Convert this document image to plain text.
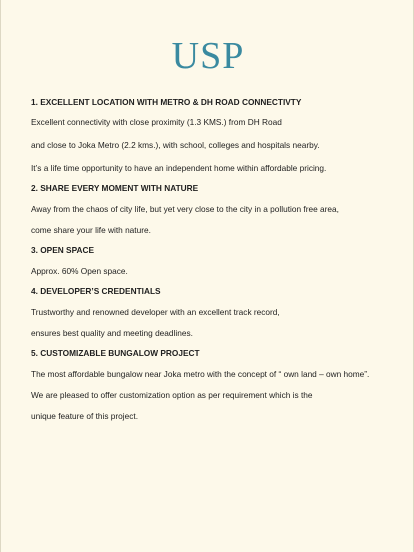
USP

1. EXCELLENT LOCATION WITH METRO & DH ROAD CONNECTIVTY

Excellent connectivity with close proximity (1.3 KMS.) from DH Road

and close to Joka Metro (2.2 kms.), with school, colleges and hospitals nearby.

It’s a life time opportunity to have an independent home within affordable pricing.

2. SHARE EVERY MOMENT WITH NATURE

Away from the chaos of city life, but yet very close to the city in a pollution free area,

come share your life with nature.

3. OPEN SPACE

Approx. 60% Open space.

4. DEVELOPER’S CREDENTIALS

Trustworthy and renowned developer with an excellent track record,

ensures best quality and meeting deadlines.

5. CUSTOMIZABLE BUNGALOW PROJECT

The most affordable bungalow near Joka metro with the concept of “ own land – own home”.

We are pleased to offer customization option as per requirement which is the

unique feature of this project.
